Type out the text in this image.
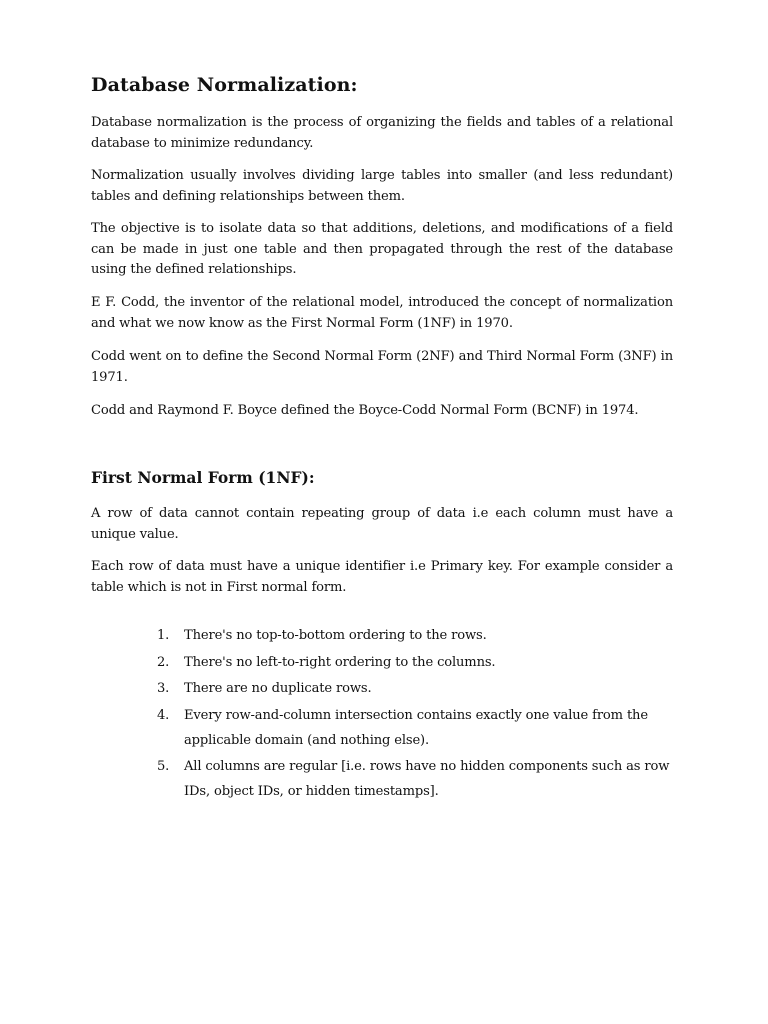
Database Normalization:

Database normalization is the process of organizing the fields and tables of a relational database to minimize redundancy.

Normalization usually involves dividing large tables into smaller (and less redundant) tables and defining relationships between them.

The objective is to isolate data so that additions, deletions, and modifications of a field can be made in just one table and then propagated through the rest of the database using the defined relationships.

E F. Codd, the inventor of the relational model, introduced the concept of normalization and what we now know as the First Normal Form (1NF) in 1970.

Codd went on to define the Second Normal Form (2NF) and Third Normal Form (3NF) in 1971.

Codd and Raymond F. Boyce defined the Boyce-Codd Normal Form (BCNF) in 1974.

First Normal Form (1NF):

A row of data cannot contain repeating group of data i.e each column must have a unique value.

Each row of data must have a unique identifier i.e Primary key. For example consider a table which is not in First normal form.

1. There's no top-to-bottom ordering to the rows.
2. There's no left-to-right ordering to the columns.
3. There are no duplicate rows.
4. Every row-and-column intersection contains exactly one value from the applicable domain (and nothing else).
5. All columns are regular [i.e. rows have no hidden components such as row IDs, object IDs, or hidden timestamps].
